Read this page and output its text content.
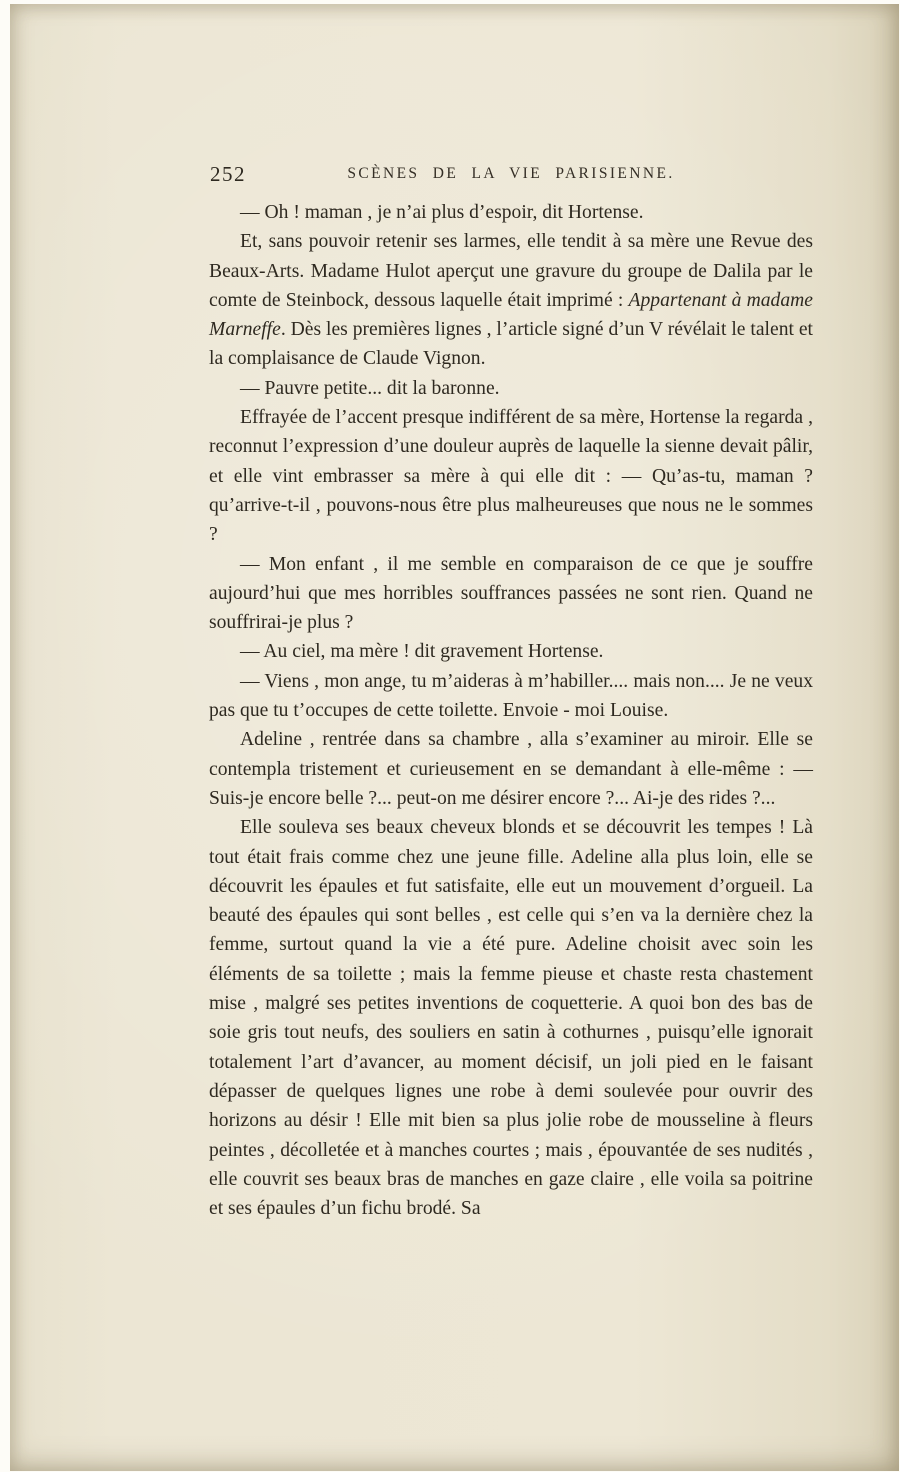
252	SCÈNES DE LA VIE PARISIENNE.

— Oh ! maman , je n’ai plus d’espoir, dit Hortense.

Et, sans pouvoir retenir ses larmes, elle tendit à sa mère une Revue des Beaux-Arts. Madame Hulot aperçut une gravure du groupe de Dalila par le comte de Steinbock, dessous laquelle était imprimé : Appartenant à madame Marneffe. Dès les premières lignes , l’article signé d’un V révélait le talent et la complaisance de Claude Vignon.

— Pauvre petite... dit la baronne.

Effrayée de l’accent presque indifférent de sa mère, Hortense la regarda , reconnut l’expression d’une douleur auprès de laquelle la sienne devait pâlir, et elle vint embrasser sa mère à qui elle dit : — Qu’as-tu, maman ? qu’arrive-t-il , pouvons-nous être plus malheureuses que nous ne le sommes ?

— Mon enfant , il me semble en comparaison de ce que je souffre aujourd’hui que mes horribles souffrances passées ne sont rien. Quand ne souffrirai-je plus ?

— Au ciel, ma mère ! dit gravement Hortense.

— Viens , mon ange, tu m’aideras à m’habiller.... mais non.... Je ne veux pas que tu t’occupes de cette toilette. Envoie - moi Louise.

Adeline , rentrée dans sa chambre , alla s’examiner au miroir. Elle se contempla tristement et curieusement en se demandant à elle-même : — Suis-je encore belle ?... peut-on me désirer encore ?... Ai-je des rides ?...

Elle souleva ses beaux cheveux blonds et se découvrit les tempes ! Là tout était frais comme chez une jeune fille. Adeline alla plus loin, elle se découvrit les épaules et fut satisfaite, elle eut un mouvement d’orgueil. La beauté des épaules qui sont belles , est celle qui s’en va la dernière chez la femme, surtout quand la vie a été pure. Adeline choisit avec soin les éléments de sa toilette ; mais la femme pieuse et chaste resta chastement mise , malgré ses petites inventions de coquetterie. A quoi bon des bas de soie gris tout neufs, des souliers en satin à cothurnes , puisqu’elle ignorait totalement l’art d’avancer, au moment décisif, un joli pied en le faisant dépasser de quelques lignes une robe à demi soulevée pour ouvrir des horizons au désir ! Elle mit bien sa plus jolie robe de mousseline à fleurs peintes , décolletée et à manches courtes ; mais , épouvantée de ses nudités , elle couvrit ses beaux bras de manches en gaze claire , elle voila sa poitrine et ses épaules d’un fichu brodé. Sa
